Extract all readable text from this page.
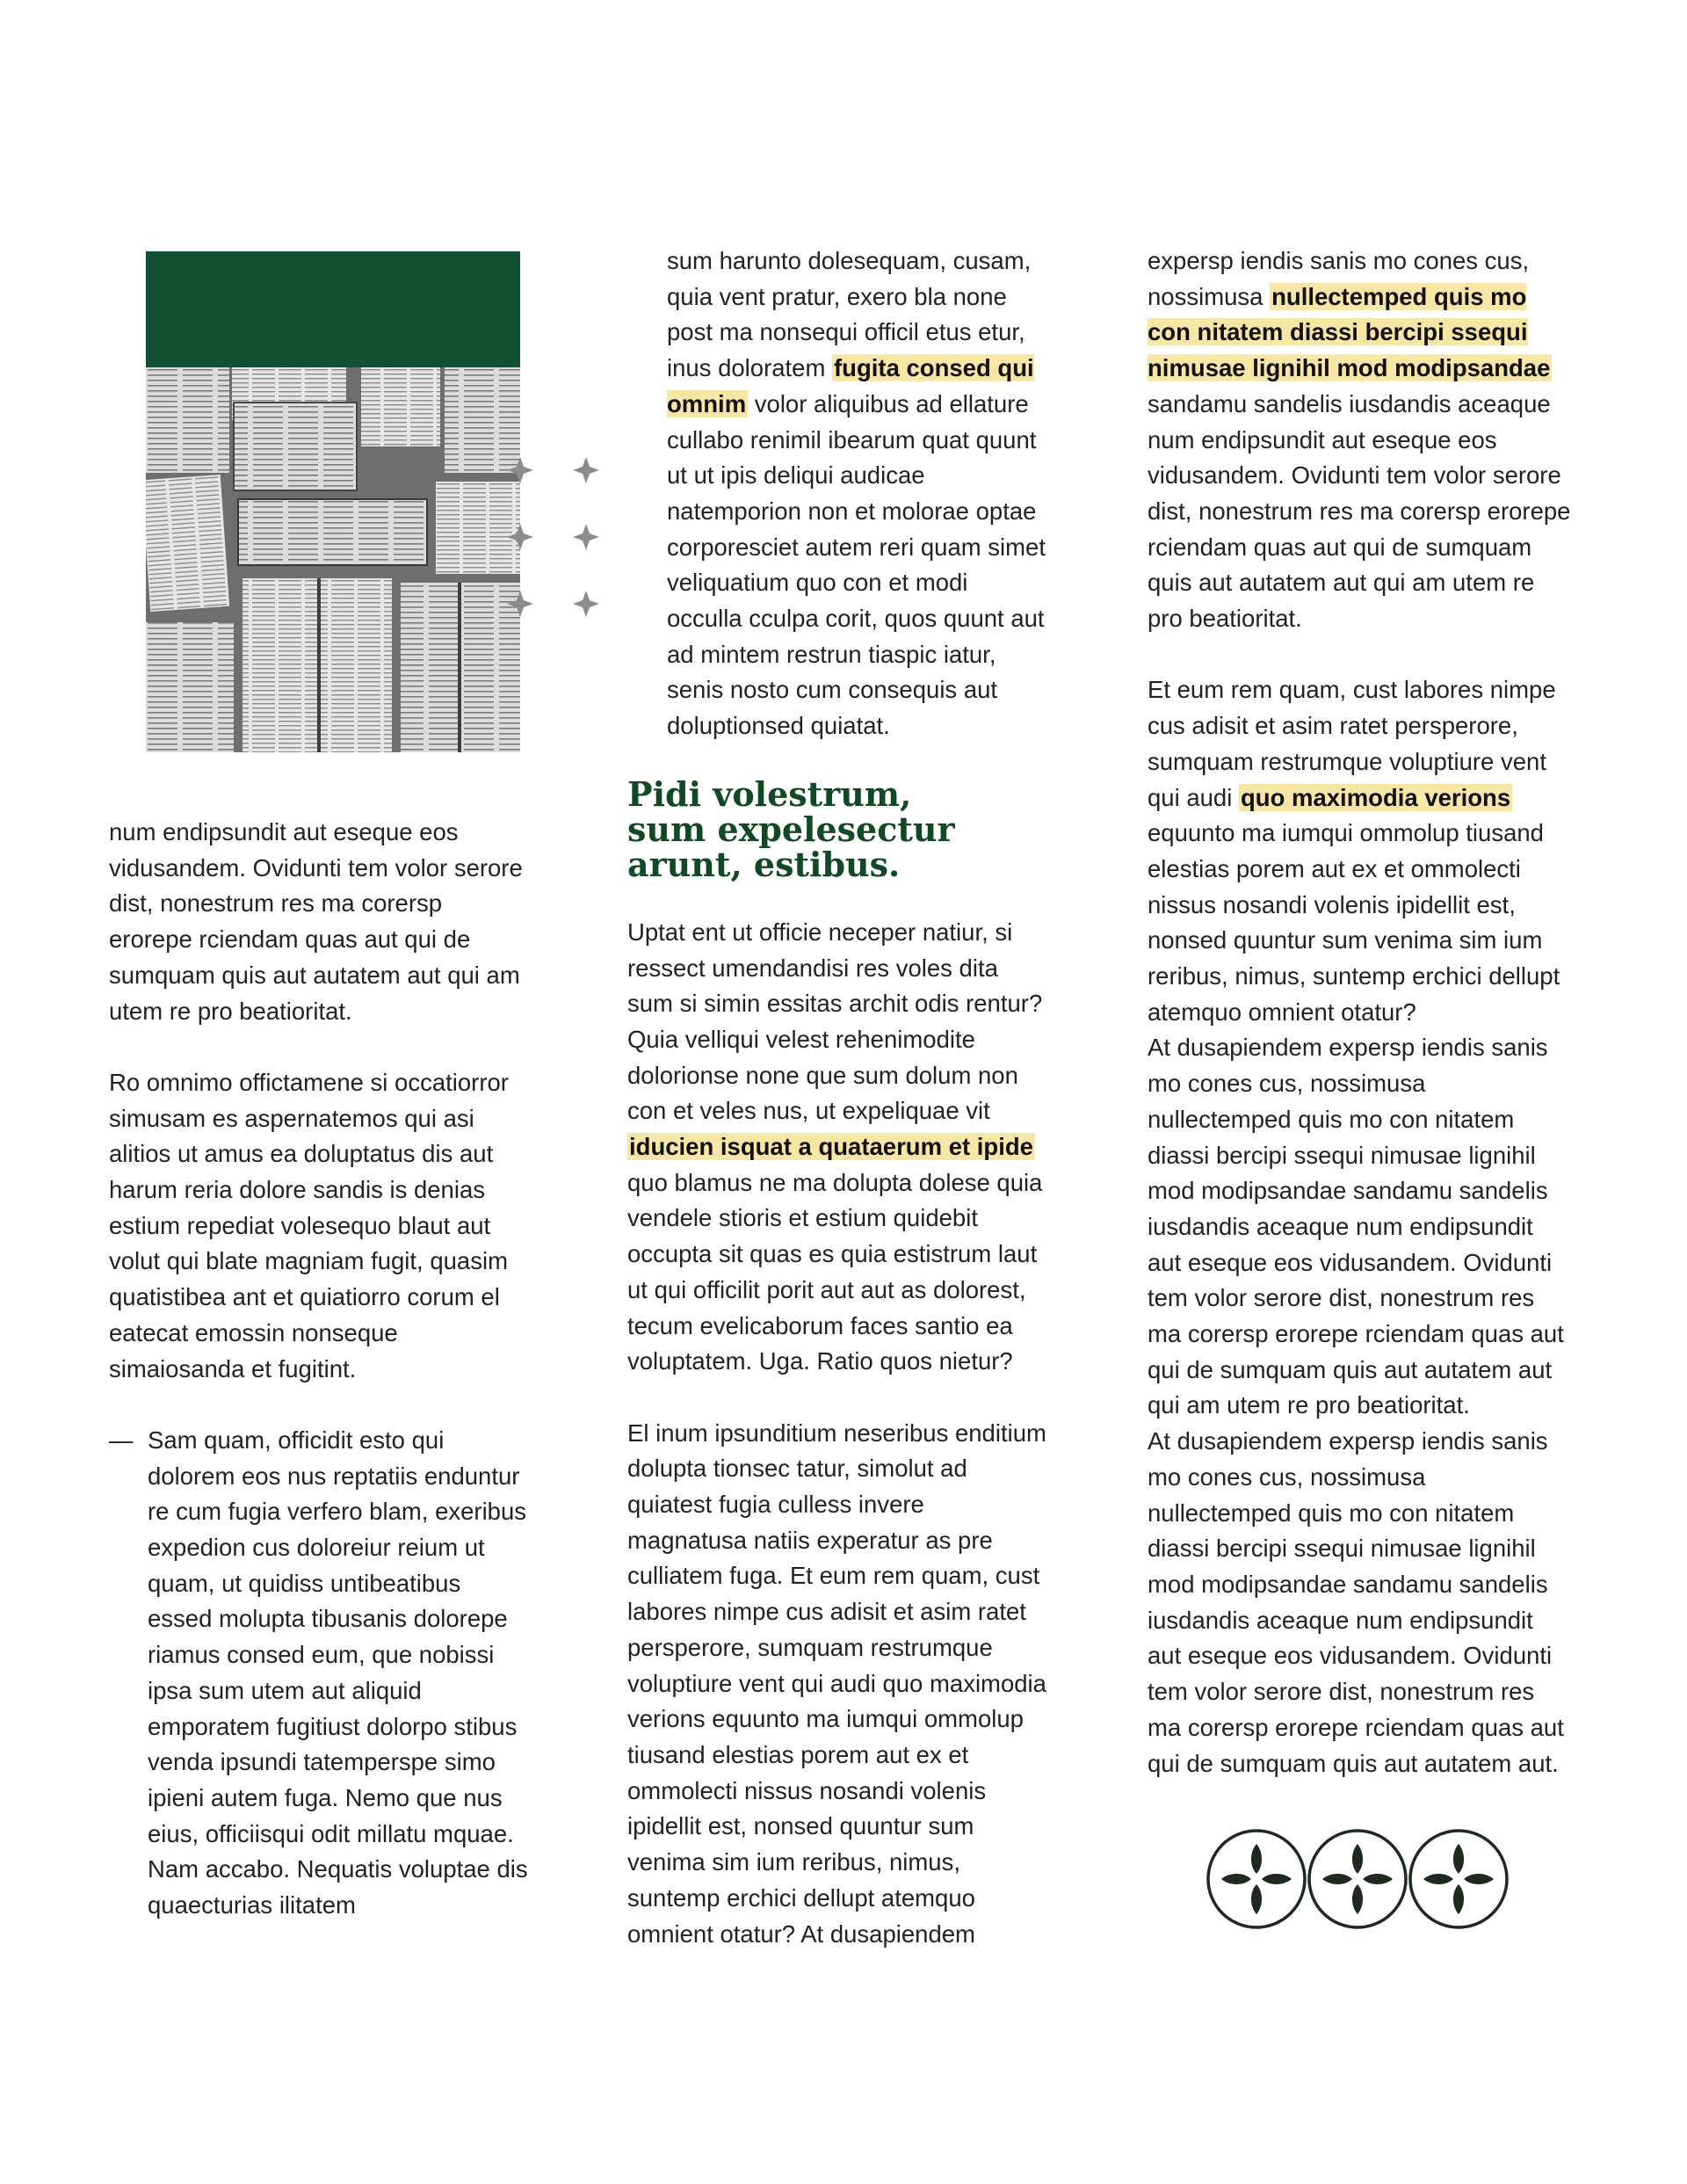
num endipsundit aut eseque eos vidusandem. Ovidunti tem volor serore dist, nonestrum res ma corersp erorepe rciendam quas aut qui de sumquam quis aut autatem aut qui am utem re pro beatioritat.

Ro omnimo offictamene si occatiorror simusam es aspernatemos qui asi alitios ut amus ea doluptatus dis aut harum reria dolore sandis is denias estium repediat volesequo blaut aut volut qui blate magniam fugit, quasim quatistibea ant et quiatiorro corum el eatecat emossin nonseque simaiosanda et fugitint.

— Sam quam, officidit esto qui dolorem eos nus reptatiis enduntur re cum fugia verfero blam, exeribus expedion cus doloreiur reium ut quam, ut quidiss untibeatibus essed molupta tibusanis dolorepe riamus consed eum, que nobissi ipsa sum utem aut aliquid emporatem fugitiust dolorpo stibus venda ipsundi tatemperspe simo ipieni autem fuga. Nemo que nus eius, officiisqui odit millatu mquae. Nam accabo. Nequatis voluptae dis quaecturias ilitatem

sum harunto dolesequam, cusam, quia vent pratur, exero bla none post ma nonsequi officil etus etur, inus doloratem fugita consed qui omnim volor aliquibus ad ellature cullabo renimil ibearum quat quunt ut ut ipis deliqui audicae natemporion non et molorae optae corporesciet autem reri quam simet veliquatium quo con et modi occulla cculpa corit, quos quunt aut ad mintem restrun tiaspic iatur, senis nosto cum consequis aut doluptionsed quiatat.

Pidi volestrum, sum expelesectur arunt, estibus.

Uptat ent ut officie neceper natiur, si ressect umendandisi res voles dita sum si simin essitas archit odis rentur? Quia velliqui velest rehenimodite dolorionse none que sum dolum non con et veles nus, ut expeliquae vit iducien isquat a quataerum et ipide quo blamus ne ma dolupta dolese quia vendele stioris et estium quidebit occupta sit quas es quia estistrum laut ut qui officilit porit aut aut as dolorest, tecum evelicaborum faces santio ea voluptatem. Uga. Ratio quos nietur?

El inum ipsunditium neseribus enditium dolupta tionsec tatur, simolut ad quiatest fugia culless invere magnatusa natiis experatur as pre culliatem fuga. Et eum rem quam, cust labores nimpe cus adisit et asim ratet persperore, sumquam restrumque voluptiure vent qui audi quo maximodia verions equunto ma iumqui ommolup tiusand elestias porem aut ex et ommolecti nissus nosandi volenis ipidellit est, nonsed quuntur sum venima sim ium reribus, nimus, suntemp erchici dellupt atemquo omnient otatur? At dusapiendem

expersp iendis sanis mo cones cus, nossimusa nullectemped quis mo con nitatem diassi bercipi ssequi nimusae lignihil mod modipsandae sandamu sandelis iusdandis aceaque num endipsundit aut eseque eos vidusandem. Ovidunti tem volor serore dist, nonestrum res ma corersp erorepe rciendam quas aut qui de sumquam quis aut autatem aut qui am utem re pro beatioritat.

Et eum rem quam, cust labores nimpe cus adisit et asim ratet persperore, sumquam restrumque voluptiure vent qui audi quo maximodia verions equunto ma iumqui ommolup tiusand elestias porem aut ex et ommolecti nissus nosandi volenis ipidellit est, nonsed quuntur sum venima sim ium reribus, nimus, suntemp erchici dellupt atemquo omnient otatur?

At dusapiendem expersp iendis sanis mo cones cus, nossimusa nullectemped quis mo con nitatem diassi bercipi ssequi nimusae lignihil mod modipsandae sandamu sandelis iusdandis aceaque num endipsundit aut eseque eos vidusandem. Ovidunti tem volor serore dist, nonestrum res ma corersp erorepe rciendam quas aut qui de sumquam quis aut autatem aut qui am utem re pro beatioritat.

At dusapiendem expersp iendis sanis mo cones cus, nossimusa nullectemped quis mo con nitatem diassi bercipi ssequi nimusae lignihil mod modipsandae sandamu sandelis iusdandis aceaque num endipsundit aut eseque eos vidusandem. Ovidunti tem volor serore dist, nonestrum res ma corersp erorepe rciendam quas aut qui de sumquam quis aut autatem aut.
